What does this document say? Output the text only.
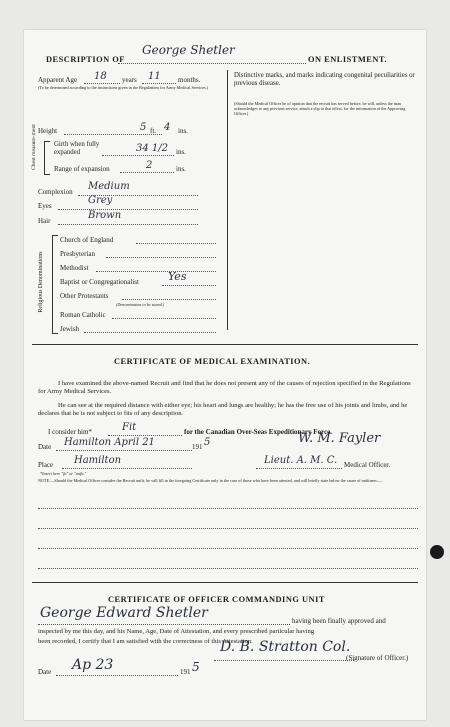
DESCRIPTION OF
George Shetler
ON ENLISTMENT.
Apparent Age 18 years 11 months.
(To be determined according to the instructions given in the Regulations for Army Medical Services.)
Distinctive marks, and marks indicating congenital peculiarities or previous disease.
(Should the Medical Officer be of opinion that the recruit has served before, he will, unless the man acknowledges to any previous service, attach a slip to that effect, for the information of the Approving Officer.)
Height	5 ft. 4 ins.
Chest measure-ment	Girth when fully expanded	34 1/2 ins.
Range of expansion	2	ins.
Complexion Medium
Eyes	Grey
Hair	Brown
Religious Denominations
Church of England
Presbyterian
Methodist
Baptist or Congregationalist	Yes
Other Protestants
(Denomination to be stated.)
Roman Catholic
Jewish
CERTIFICATE OF MEDICAL EXAMINATION.
I have examined the above-named Recruit and find that he does not present any of the causes of rejection specified in the Regulations for Army Medical Services.
He can see at the required distance with either eye; his heart and lungs are healthy; he has the free use of his joints and limbs, and he declares that he is not subject to fits of any description.
I consider him*	Fit	for the Canadian Over-Seas Expeditionary Force.
Date Hamilton April 21	191 5	W. M. Fayler
Place Hamilton	Lieut. A. M. C. Medical Officer.
*Insert here "fit" or "unfit."
NOTE.—Should the Medical Officer consider the Recruit unfit, he will fill in the foregoing Certificate only in the case of those who have been attested, and will briefly state below the cause of unfitness:—
CERTIFICATE OF OFFICER COMMANDING UNIT
George Edward Shetler	having been finally approved and
inspected by me this day, and his Name, Age, Date of Attestation, and every prescribed particular having
been recorded, I certify that I am satisfied with the correctness of this Attestation.
D. B. Stratton Col.
(Signature of Officer.)
Date Ap 23	191 5
